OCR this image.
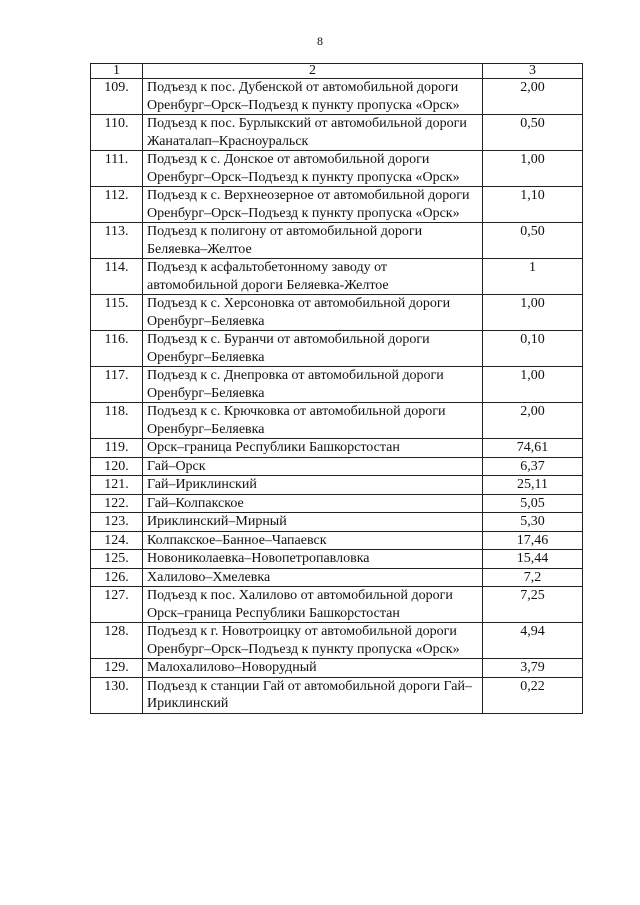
8
1	2	3
109.	Подъезд к пос. Дубенской от автомобильной дороги Оренбург–Орск–Подъезд к пункту пропуска «Орск»	2,00
110.	Подъезд к пос. Бурлыкский от автомобильной дороги Жанаталап–Красноуральск	0,50
111.	Подъезд к с. Донское от автомобильной дороги Оренбург–Орск–Подъезд к пункту пропуска «Орск»	1,00
112.	Подъезд к с. Верхнеозерное от автомобильной дороги Оренбург–Орск–Подъезд к пункту пропуска «Орск»	1,10
113.	Подъезд к полигону от автомобильной дороги Беляевка–Желтое	0,50
114.	Подъезд к асфальтобетонному заводу от автомобильной дороги Беляевка-Желтое	1
115.	Подъезд к с. Херсоновка от автомобильной дороги Оренбург–Беляевка	1,00
116.	Подъезд к с. Буранчи от автомобильной дороги Оренбург–Беляевка	0,10
117.	Подъезд к с. Днепровка от автомобильной дороги Оренбург–Беляевка	1,00
118.	Подъезд к с. Крючковка от автомобильной дороги Оренбург–Беляевка	2,00
119.	Орск–граница Республики Башкорстостан	74,61
120.	Гай–Орск	6,37
121.	Гай–Ириклинский	25,11
122.	Гай–Колпакское	5,05
123.	Ириклинский–Мирный	5,30
124.	Колпакское–Банное–Чапаевск	17,46
125.	Новониколаевка–Новопетропавловка	15,44
126.	Халилово–Хмелевка	7,2
127.	Подъезд к пос. Халилово от автомобильной дороги Орск–граница Республики Башкорстостан	7,25
128.	Подъезд к г. Новотроицку от автомобильной дороги Оренбург–Орск–Подъезд к пункту пропуска «Орск»	4,94
129.	Малохалилово–Новорудный	3,79
130.	Подъезд к станции Гай от автомобильной дороги Гай–Ириклинский	0,22
